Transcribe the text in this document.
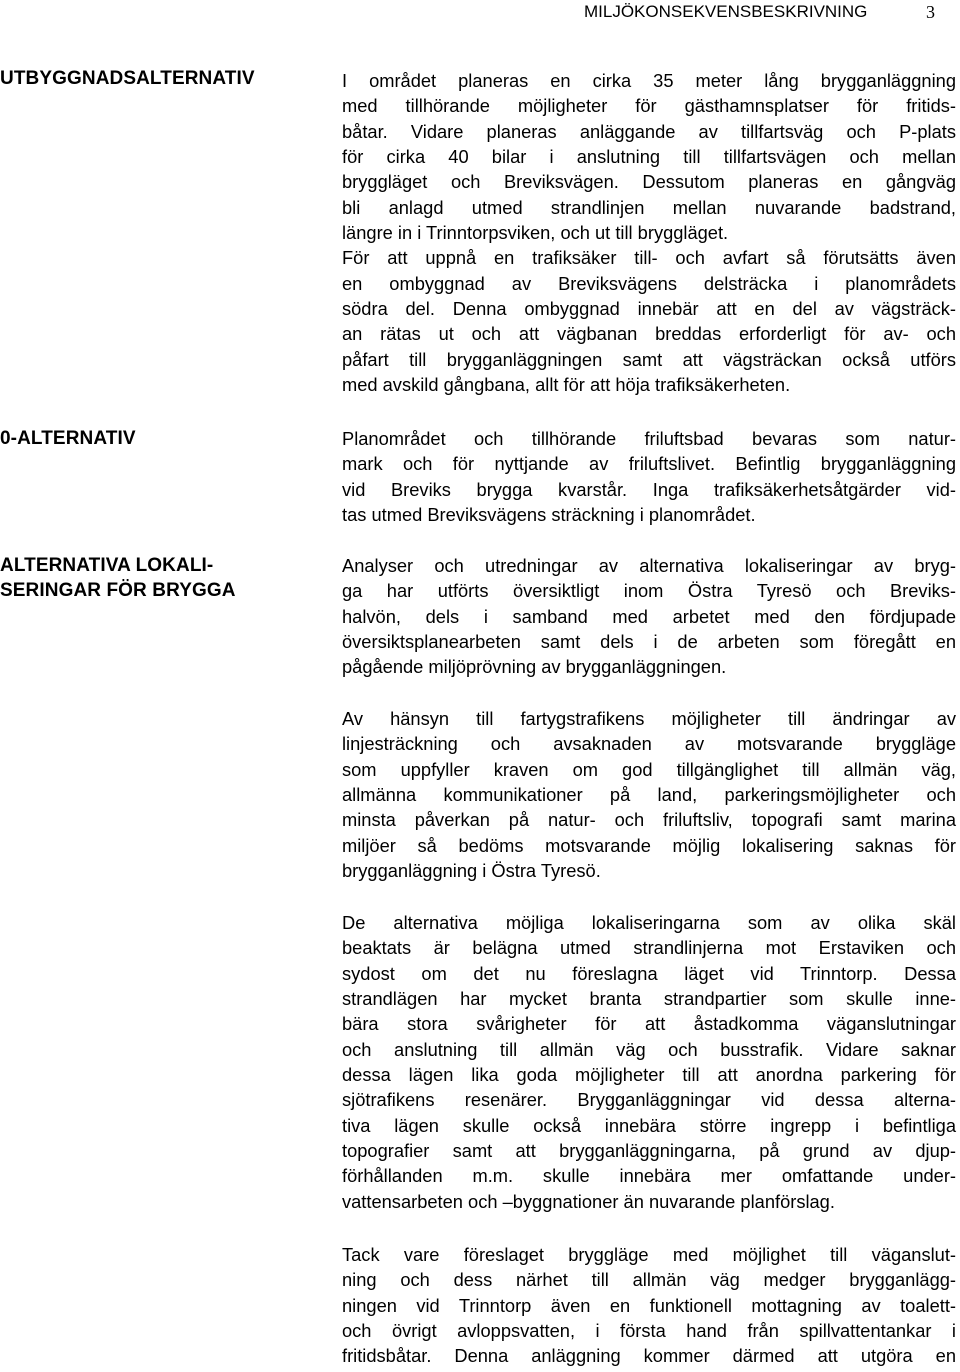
MILJÖKONSEKVENSBESKRIVNING	3
UTBYGGNADSALTERNATIV	I området planeras en cirka 35 meter lång brygganläggning
med tillhörande möjligheter för gästhamnsplatser för fritids-
båtar. Vidare planeras anläggande av tillfartsväg och P-plats
för cirka 40 bilar i anslutning till tillfartsvägen och mellan
bryggläget och Breviksvägen. Dessutom planeras en gångväg
bli anlagd utmed strandlinjen mellan nuvarande badstrand,
längre in i Trinntorpsviken, och ut till bryggläget.
För att uppnå en trafiksäker till- och avfart så förutsätts även
en ombyggnad av Breviksvägens delsträcka i planområdets
södra del. Denna ombyggnad innebär att en del av vägsträck-
an rätas ut och att vägbanan breddas erforderligt för av- och
påfart till brygganläggningen samt att vägsträckan också utförs
med avskild gångbana, allt för att höja trafiksäkerheten.
0-ALTERNATIV	Planområdet och tillhörande friluftsbad bevaras som natur-
mark och för nyttjande av friluftslivet. Befintlig brygganläggning
vid Breviks brygga kvarstår. Inga trafiksäkerhetsåtgärder vid-
tas utmed Breviksvägens sträckning i planområdet.
ALTERNATIVA LOKALI-
SERINGAR FÖR BRYGGA
Analyser och utredningar av alternativa lokaliseringar av bryg-
ga har utförts översiktligt inom Östra Tyresö och Breviks-
halvön, dels i samband med arbetet med den fördjupade
översiktsplanearbeten samt dels i de arbeten som föregått en
pågående miljöprövning av brygganläggningen.
Av hänsyn till fartygstrafikens möjligheter till ändringar av
linjesträckning och avsaknaden av motsvarande bryggläge
som uppfyller kraven om god tillgänglighet till allmän väg,
allmänna kommunikationer på land, parkeringsmöjligheter och
minsta påverkan på natur- och friluftsliv, topografi samt marina
miljöer så bedöms motsvarande möjlig lokalisering saknas för
brygganläggning i Östra Tyresö.
De alternativa möjliga lokaliseringarna som av olika skäl
beaktats är belägna utmed strandlinjerna mot Erstaviken och
sydost om det nu föreslagna läget vid Trinntorp. Dessa
strandlägen har mycket branta strandpartier som skulle inne-
bära stora svårigheter för att åstadkomma väganslutningar
och anslutning till allmän väg och busstrafik. Vidare saknar
dessa lägen lika goda möjligheter till att anordna parkering för
sjötrafikens resenärer. Brygganläggningar vid dessa alterna-
tiva lägen skulle också innebära större ingrepp i befintliga
topografier samt att brygganläggningarna, på grund av djup-
förhållanden m.m. skulle innebära mer omfattande under-
vattensarbeten och –byggnationer än nuvarande planförslag.
Tack vare föreslaget bryggläge med möjlighet till väganslut-
ning och dess närhet till allmän väg medger brygganlägg-
ningen vid Trinntorp även en funktionell mottagning av toalett-
och övrigt avloppsvatten, i första hand från spillvattentankar i
fritidsbåtar. Denna anläggning kommer därmed att utgöra en
